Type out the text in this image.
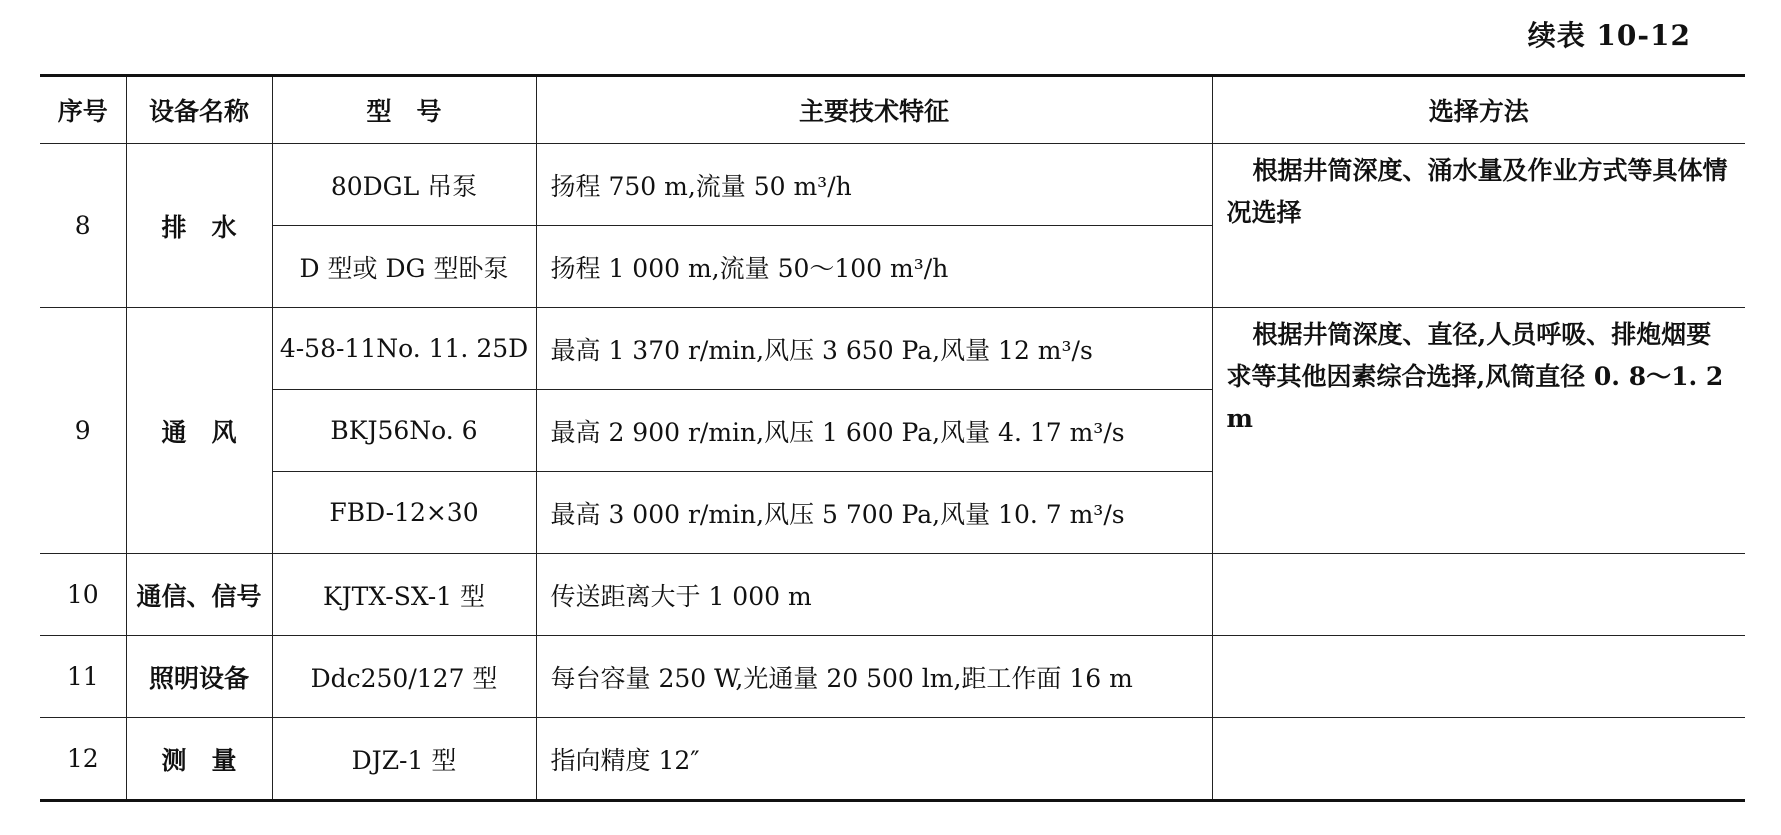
续表 10-12
序号	设备名称	型　号	主要技术特征	选择方法
8	排　水	80DGL 吊泵	扬程 750 m,流量 50 m³/h	根据井筒深度、涌水量及作业方式等具体情况选择
		D 型或 DG 型卧泵	扬程 1 000 m,流量 50～100 m³/h	
9	通　风	4-58-11No. 11. 25D	最高 1 370 r/min,风压 3 650 Pa,风量 12 m³/s	根据井筒深度、直径,人员呼吸、排炮烟要求等其他因素综合选择,风筒直径 0. 8～1. 2 m
		BKJ56No. 6	最高 2 900 r/min,风压 1 600 Pa,风量 4. 17 m³/s	
		FBD-12×30	最高 3 000 r/min,风压 5 700 Pa,风量 10. 7 m³/s	
10	通信、信号	KJTX-SX-1 型	传送距离大于 1 000 m	
11	照明设备	Ddc250/127 型	每台容量 250 W,光通量 20 500 lm,距工作面 16 m	
12	测　量	DJZ-1 型	指向精度 12″	
